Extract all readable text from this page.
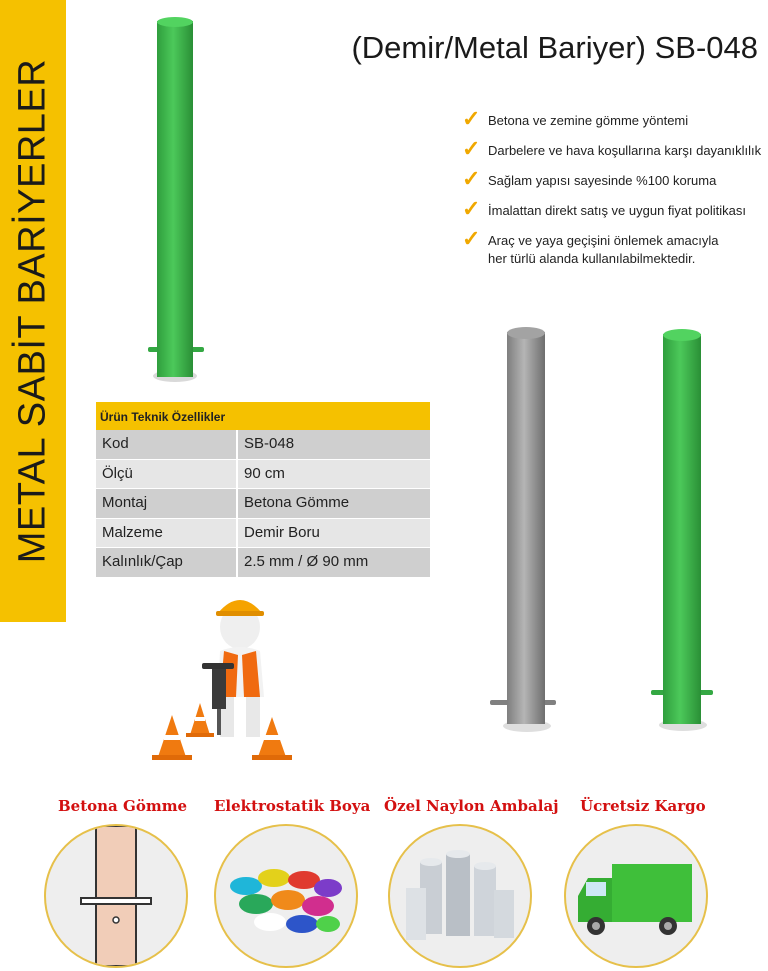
METAL SABİT BARİYERLER
(Demir/Metal Bariyer) SB-048
✓ Betona ve zemine gömme yöntemi
✓ Darbelere ve hava koşullarına karşı dayanıklılık
✓ Sağlam yapısı sayesinde %100 koruma
✓ İmalattan direkt satış ve uygun fiyat politikası
✓ Araç ve yaya geçişini önlemek amacıyla
her türlü alanda kullanılabilmektedir.
Ürün Teknik Özellikler
Kod	SB-048
Ölçü	90 cm
Montaj	Betona Gömme
Malzeme	Demir Boru
Kalınlık/Çap	2.5 mm / Ø 90 mm
Betona Gömme Elektrostatik Boya Özel Naylon Ambalaj Ücretsiz Kargo
